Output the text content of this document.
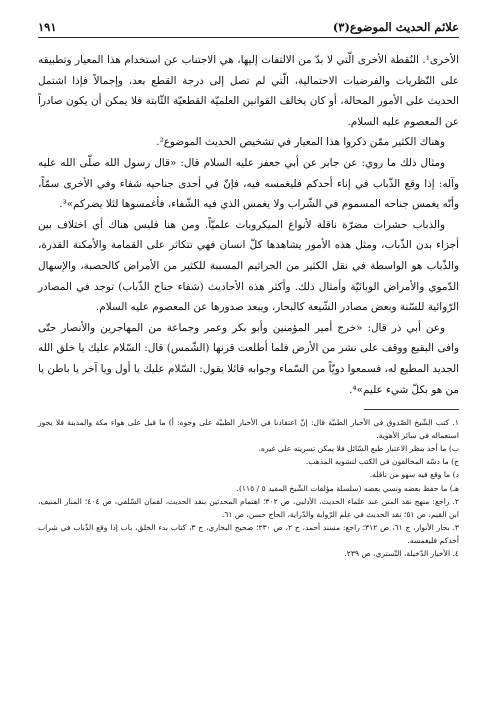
علائم الحديث الموضوع(٣)
١٩١

الأخرى¹. النُقطة الأخرى الّتي لا بدّ من الالتفات إليها، هي الاجتناب عن استخدام هذا المعيار وتطبيقه على النّظريات والفرضيات الاحتمالية، الّتي لم تصل إلى درجة القطع بعد، وإجمالاً فإذا اشتمل الحديث على الأمور المحالة، أو كان يخالف القوانين العلميّة القطعيّة الثّابتة فلا يمكن أن يكون صادراً عن المعصوم عليه السلام.

وهناك الكثير ممّن ذكروا هذا المعيار في تشخيص الحديث الموضوع².

ومثال ذلك ما روي: عن جابر عن أبي جعفر عليه السلام قال: «قال رسول الله صلّى الله عليه وآله: إذا وقع الذّباب في إناء أحدكم فليغمسه فيه، فإنّ في أحدى جناحيه شفاء وفي الأخرى سمّاً، وأنّه يغمس جناحه المسموم في الشّراب ولا يغمس الذي فيه الشّفاء، فأغمسوها لئلا يضركم»³.

والذباب حشرات مضرّة ناقلة لأنواع الميكروبات علميّاً. ومن هنا فليس هناك أي اختلاف بين أجزاء بدن الذّباب، ومثل هذه الأمور يشاهدها كلّ انسان فهي تتكاثر على القمامة والأمكنة القذرة، والذّباب هو الواسطة في نقل الكثير من الجراثيم المسببة للكثير من الأمراض كالحصبة، والإسهال الدّموي والأمراض الوبائيّة وأمثال ذلك. وأكثر هذه الأحاديث (شفاء جناح الذّباب) توجد في المصادر الرّوائية للسّنة وبعض مصادر الشّيعة كالبحار، ويبعد صدورها عن المعصوم عليه السلام.

وعن أبي ذر قال: «خرج أمير المؤمنين وأبو بكر وعمر وجماعة من المهاجرين والأنصار حتّى وافى البقيع ووقف على نشر من الأرض فلما أطلعت قرنها (الشّمس) قال: السّلام عليك يا خلق الله الجديد المطيع له، فسمعوا دويّاً من السّماء وجوابه قائلا يقول: السّلام عليك يا أول ويا آخر يا باطن يا من هو بكلّ شيء عليم»⁴.

١. كتب الشّيخ الصّدوق في الأخبار الطبيّة قال: إنّ اعتقادنا في الأخبار الطبيّة على وجوه: أ) ما قيل على هواء مكة والمدينة فلا يجوز استعماله في سائر الأهوية.

ب) ما أخذ بنظر الاعتبار طبع السّائل فلا يمكن تسريته على غيره.

ج) ما دسّه المخالفون في الكتب لتشويه المذهب.

د) ما وقع فيه سهو من ناقله.

هـ) ما حفظ بعضه ونسي بعضه (سلسلة مؤلفات الشّيخ المفيد ٥ / ١١٥).

٢. راجع: منهج نقد المتن عند علماء الحديث، الأدلبي، ص ٣٠٢؛ اهتمام المحدثين بنقد الحديث، لقمان السّلفي، ص ٤٠٤؛ المنار المنيف، ابن القيم، ص ٥١؛ نقد الحديث في علم الرّواية والدّراية، الحاج حسن، ص ٦١.

٣. بحار الأنوار، ج ٦١، ص ٣١٢؛ راجع: مسند أحمد، ج ٢، ص ٢٣٠؛ صحيح البخاري، ج ٣، كتاب بدء الخلق، باب إذا وقع الذّباب في شراب أحدكم فليغمسه.

٤. الأخبار الدّخيلة، التّستري، ص ٢٣٩.
